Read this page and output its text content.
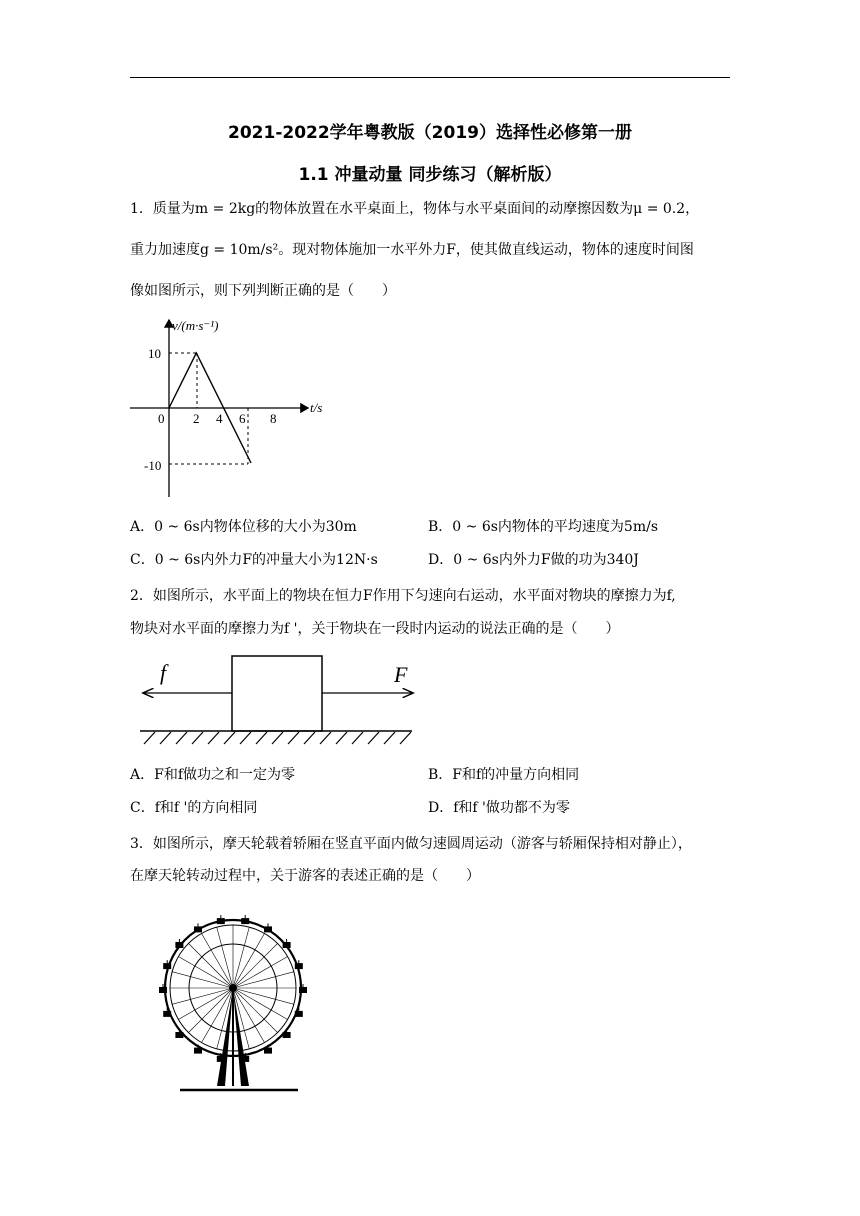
2021-2022学年粤教版（2019）选择性必修第一册
1.1 冲量动量 同步练习（解析版）
1．质量为m = 2kg的物体放置在水平桌面上，物体与水平桌面间的动摩擦因数为μ = 0.2，
重力加速度g = 10m/s²。现对物体施加一水平外力F，使其做直线运动，物体的速度时间图
像如图所示，则下列判断正确的是（　　）
v/(m·s⁻¹)
t/s
0 2 4 6 8
10
-10
A．0 ~ 6s内物体位移的大小为30m	B．0 ~ 6s内物体的平均速度为5m/s
C．0 ~ 6s内外力F的冲量大小为12N·s	D．0 ~ 6s内外力F做的功为340J
2．如图所示，水平面上的物块在恒力F作用下匀速向右运动，水平面对物块的摩擦力为f,
物块对水平面的摩擦力为f '，关于物块在一段时内运动的说法正确的是（　　）
f	F
A．F和f做功之和一定为零	B．F和f的冲量方向相同
C．f和f '的方向相同	D．f和f '做功都不为零
3．如图所示，摩天轮载着轿厢在竖直平面内做匀速圆周运动（游客与轿厢保持相对静止），
在摩天轮转动过程中，关于游客的表述正确的是（　　）
